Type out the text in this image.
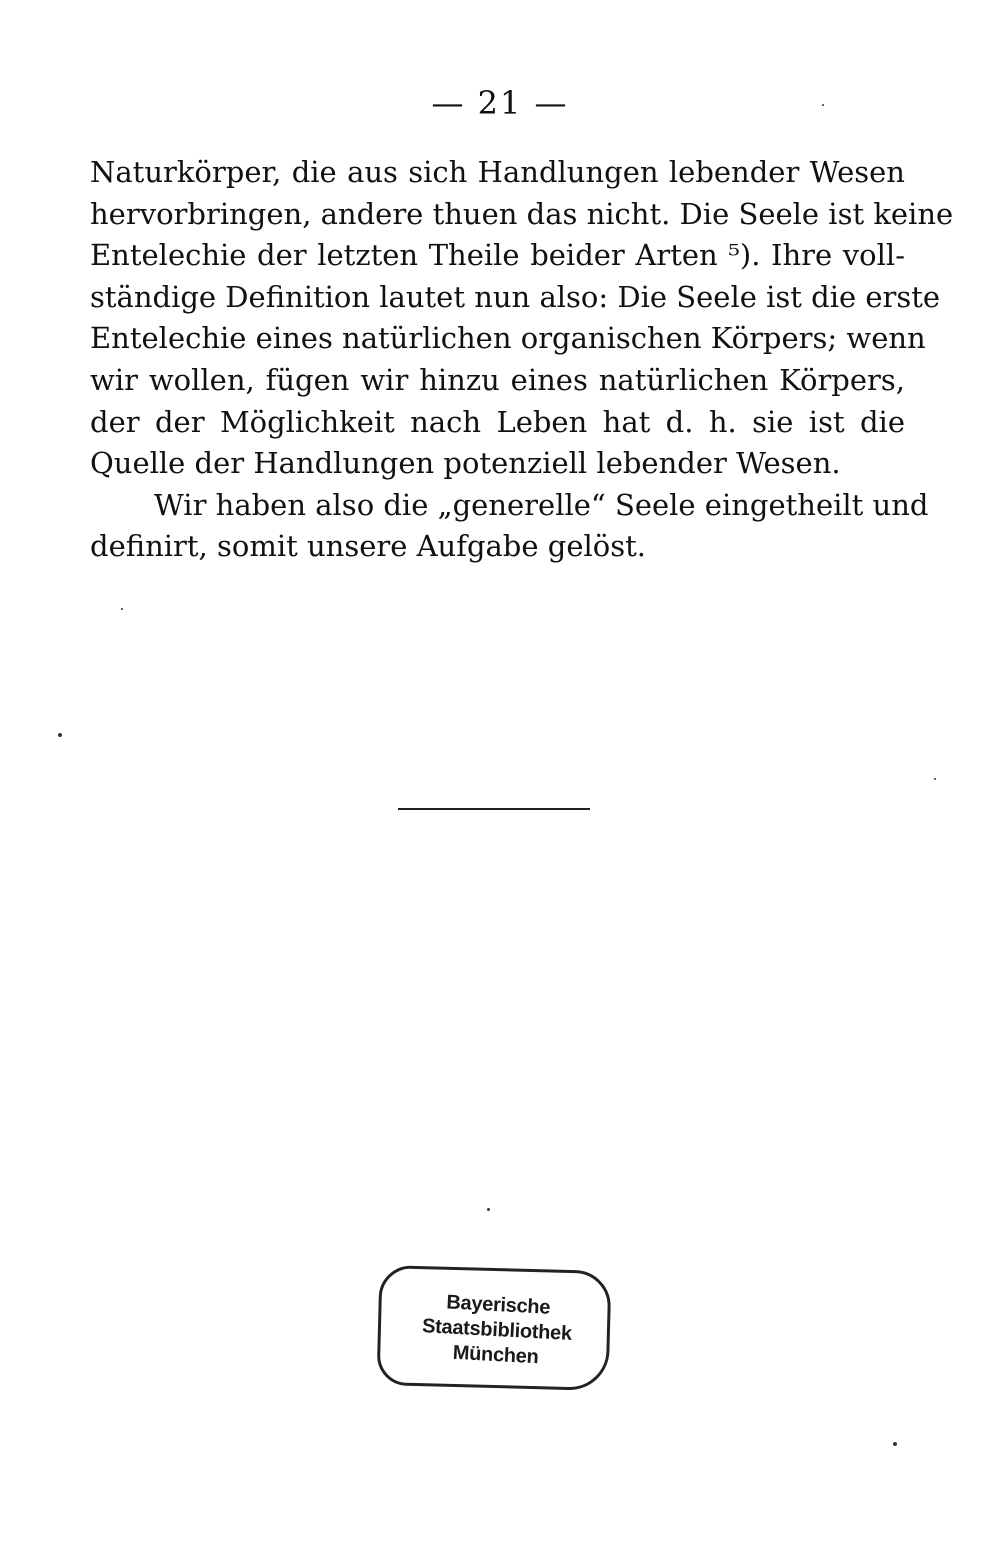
— 21 —
Naturkörper, die aus sich Handlungen lebender Wesen
hervorbringen, andere thuen das nicht. Die Seele ist keine
Entelechie der letzten Theile beider Arten ⁵). Ihre voll-
ständige Definition lautet nun also: Die Seele ist die erste
Entelechie eines natürlichen organischen Körpers; wenn
wir wollen, fügen wir hinzu eines natürlichen Körpers,
der der Möglichkeit nach Leben hat d. h. sie ist die
Quelle der Handlungen potenziell lebender Wesen.
Wir haben also die „generelle“ Seele eingetheilt und
definirt, somit unsere Aufgabe gelöst.
Bayerische
Staatsbibliothek
München
